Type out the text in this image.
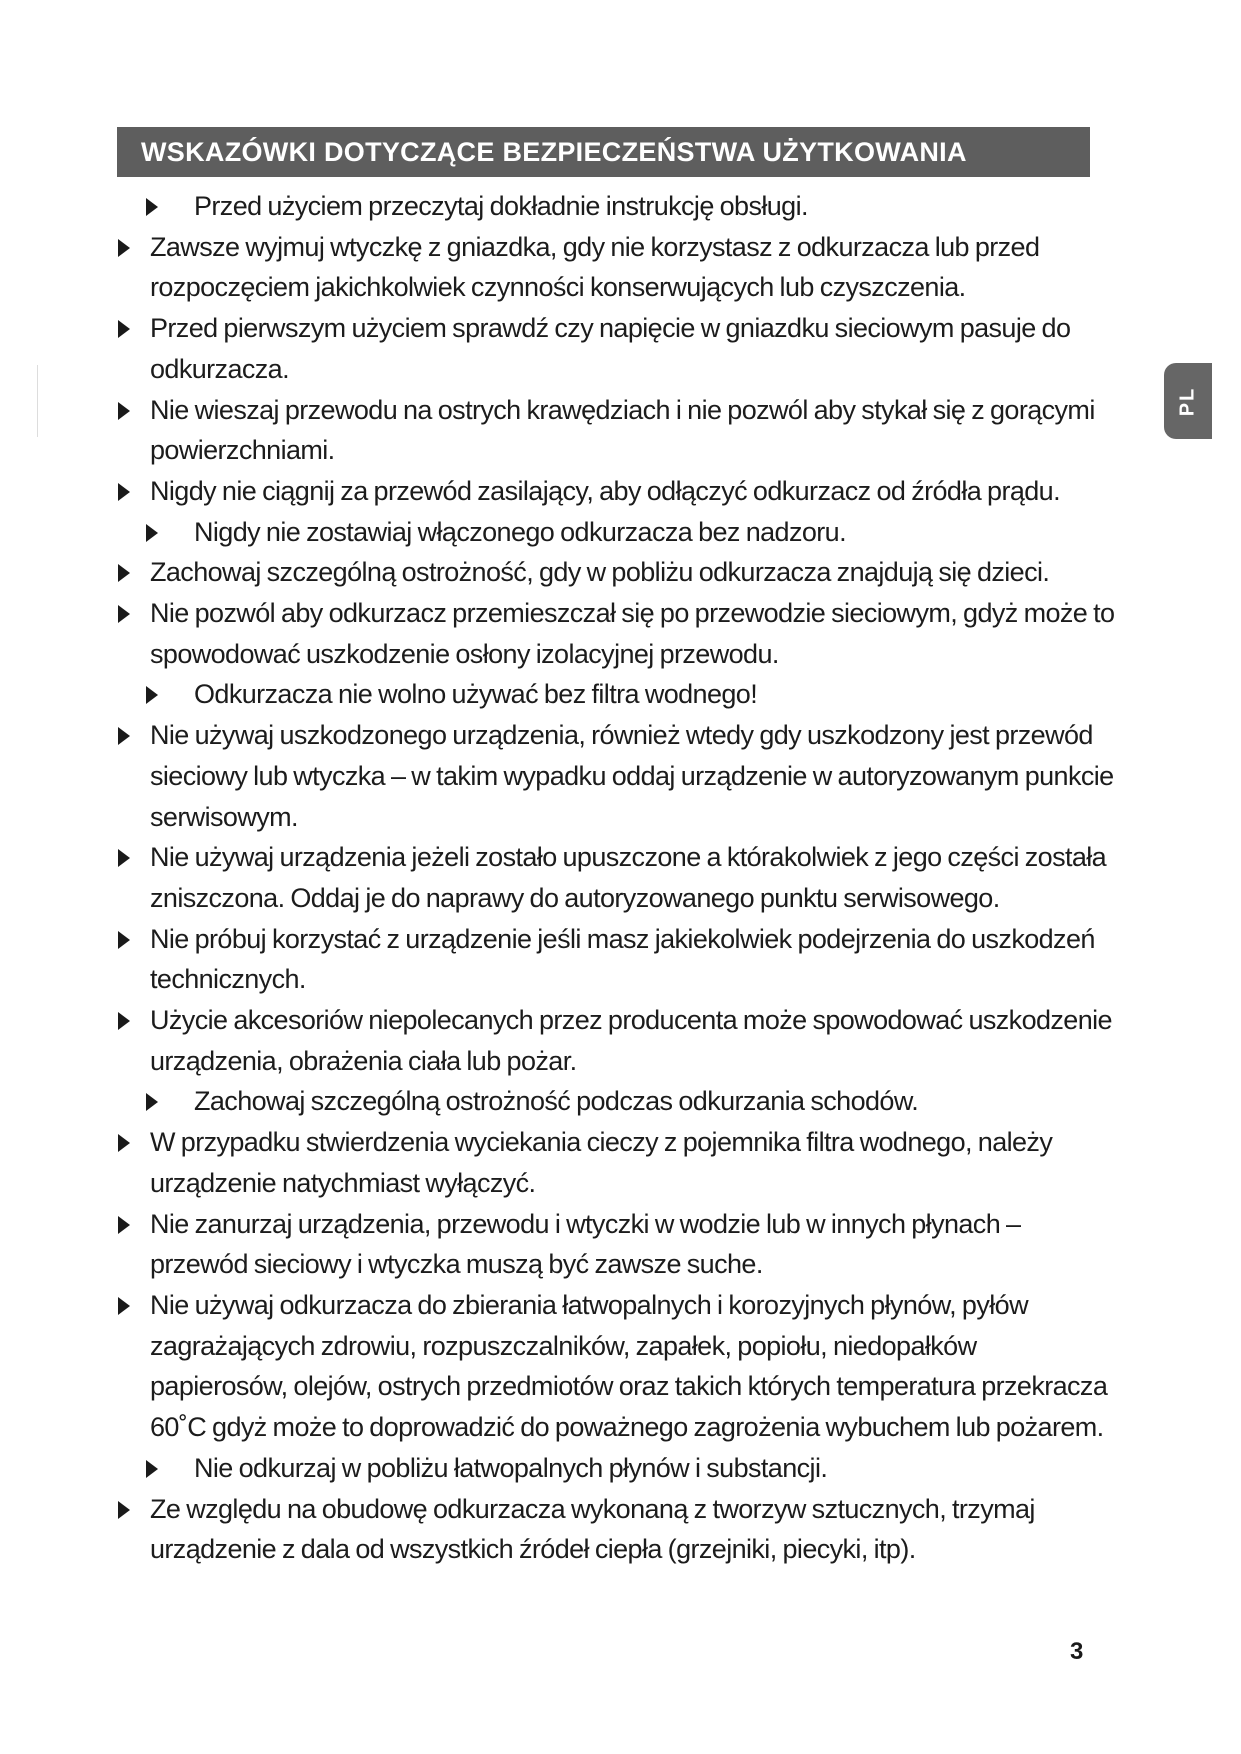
WSKAZÓWKI DOTYCZĄCE BEZPIECZEŃSTWA UŻYTKOWANIA
PL
Przed użyciem przeczytaj dokładnie instrukcję obsługi.
Zawsze wyjmuj wtyczkę z gniazdka, gdy nie korzystasz z odkurzacza lub przed rozpoczęciem jakichkolwiek czynności konserwujących lub czyszczenia.
Przed pierwszym użyciem sprawdź czy napięcie w gniazdku sieciowym pasuje do odkurzacza.
Nie wieszaj przewodu na ostrych krawędziach i nie pozwól aby stykał się z gorącymi powierzchniami.
Nigdy nie ciągnij za przewód zasilający, aby odłączyć odkurzacz od źródła prądu.
Nigdy nie zostawiaj włączonego odkurzacza bez nadzoru.
Zachowaj szczególną ostrożność, gdy w pobliżu odkurzacza znajdują się dzieci.
Nie pozwól aby odkurzacz przemieszczał się po przewodzie sieciowym, gdyż może to spowodować uszkodzenie osłony izolacyjnej przewodu.
Odkurzacza nie wolno używać bez filtra wodnego!
Nie używaj uszkodzonego urządzenia, również wtedy gdy uszkodzony jest przewód sieciowy lub wtyczka – w takim wypadku oddaj urządzenie w autoryzowanym punkcie serwisowym.
Nie używaj urządzenia jeżeli zostało upuszczone a którakolwiek z jego części została zniszczona. Oddaj je do naprawy do autoryzowanego punktu serwisowego.
Nie próbuj korzystać z urządzenie jeśli masz jakiekolwiek podejrzenia do uszkodzeń technicznych.
Użycie akcesoriów niepolecanych przez producenta może spowodować uszkodzenie urządzenia, obrażenia ciała lub pożar.
Zachowaj szczególną ostrożność podczas odkurzania schodów.
W przypadku stwierdzenia wyciekania cieczy z pojemnika filtra wodnego, należy urządzenie natychmiast wyłączyć.
Nie zanurzaj urządzenia, przewodu i wtyczki w wodzie lub w innych płynach – przewód sieciowy i wtyczka muszą być zawsze suche.
Nie używaj odkurzacza do zbierania łatwopalnych i korozyjnych płynów, pyłów zagrażających zdrowiu, rozpuszczalników, zapałek, popiołu, niedopałków papierosów, olejów, ostrych przedmiotów oraz takich których temperatura przekracza 60˚C gdyż może to doprowadzić do poważnego zagrożenia wybuchem lub pożarem.
Nie odkurzaj w pobliżu łatwopalnych płynów i substancji.
Ze względu na obudowę odkurzacza wykonaną z tworzyw sztucznych, trzymaj urządzenie z dala od wszystkich źródeł ciepła (grzejniki, piecyki, itp).
3
